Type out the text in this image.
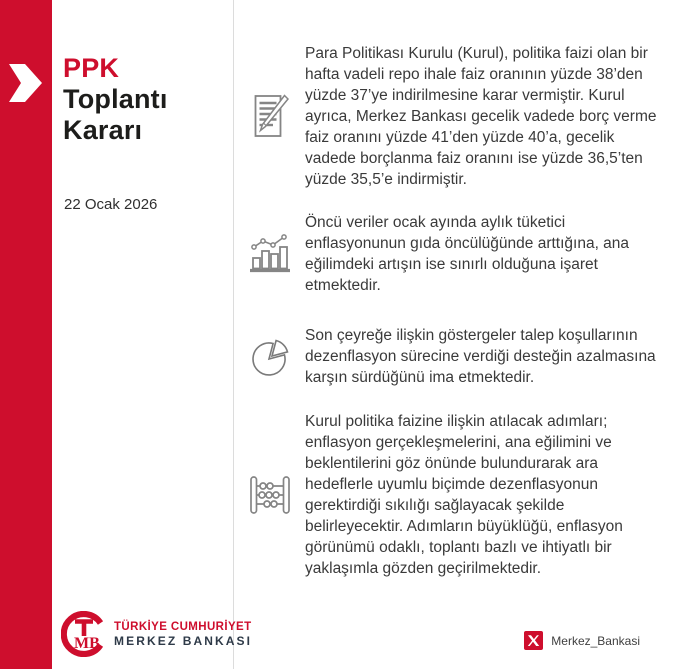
PPK
Toplantı
Kararı
22 Ocak 2026
MB
TÜRKİYE CUMHURİYET
MERKEZ BANKASI

Para Politikası Kurulu (Kurul), politika faizi olan bir hafta vadeli repo ihale faiz oranının yüzde 38’den yüzde 37’ye indirilmesine karar vermiştir. Kurul ayrıca, Merkez Bankası gecelik vadede borç verme faiz oranını yüzde 41’den yüzde 40’a, gecelik vadede borçlanma faiz oranını ise yüzde 36,5’ten yüzde 35,5’e indirmiştir.

Öncü veriler ocak ayında aylık tüketici enflasyonunun gıda öncülüğünde arttığına, ana eğilimdeki artışın ise sınırlı olduğuna işaret etmektedir.

Son çeyreğe ilişkin göstergeler talep koşullarının dezenflasyon sürecine verdiği desteğin azalmasına karşın sürdüğünü ima etmektedir.

Kurul politika faizine ilişkin atılacak adımları; enflasyon gerçekleşmelerini, ana eğilimini ve beklentilerini göz önünde bulundurarak ara hedeflerle uyumlu biçimde dezenflasyonun gerektirdiği sıkılığı sağlayacak şekilde belirleyecektir. Adımların büyüklüğü, enflasyon görünümü odaklı, toplantı bazlı ve ihtiyatlı bir yaklaşımla gözden geçirilmektedir.

Merkez_Bankasi
